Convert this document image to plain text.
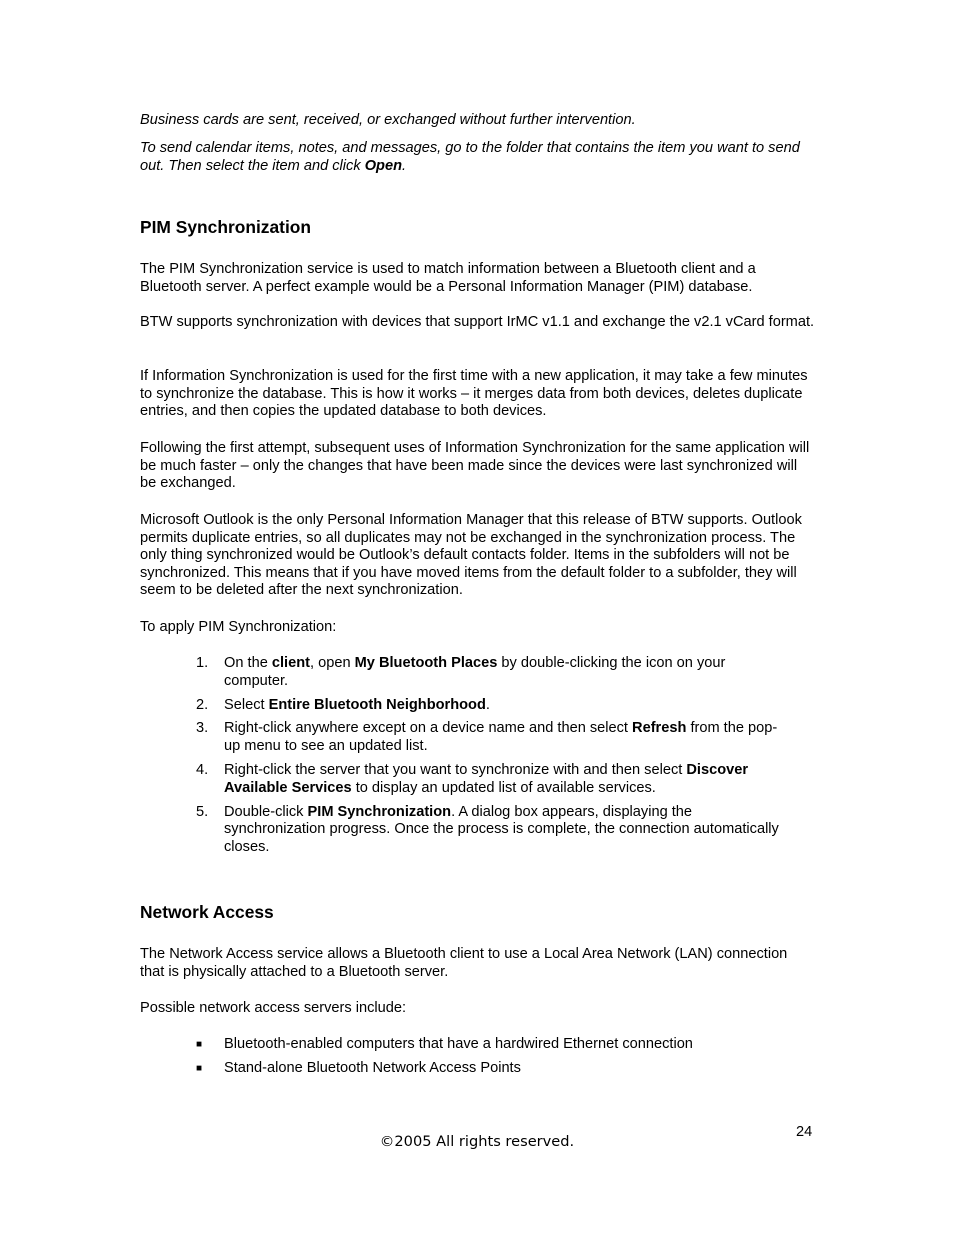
Business cards are sent, received, or exchanged without further intervention.

To send calendar items, notes, and messages, go to the folder that contains the item you want to send out. Then select the item and click Open.

PIM Synchronization

The PIM Synchronization service is used to match information between a Bluetooth client and a Bluetooth server. A perfect example would be a Personal Information Manager (PIM) database.

BTW supports synchronization with devices that support IrMC v1.1 and exchange the v2.1 vCard format.

If Information Synchronization is used for the first time with a new application, it may take a few minutes to synchronize the database. This is how it works – it merges data from both devices, deletes duplicate entries, and then copies the updated database to both devices.

Following the first attempt, subsequent uses of Information Synchronization for the same application will be much faster – only the changes that have been made since the devices were last synchronized will be exchanged.

Microsoft Outlook is the only Personal Information Manager that this release of BTW supports. Outlook permits duplicate entries, so all duplicates may not be exchanged in the synchronization process. The only thing synchronized would be Outlook’s default contacts folder. Items in the subfolders will not be synchronized. This means that if you have moved items from the default folder to a subfolder, they will seem to be deleted after the next synchronization.

To apply PIM Synchronization:

1. On the client, open My Bluetooth Places by double-clicking the icon on your computer.
2. Select Entire Bluetooth Neighborhood.
3. Right-click anywhere except on a device name and then select Refresh from the pop-up menu to see an updated list.
4. Right-click the server that you want to synchronize with and then select Discover Available Services to display an updated list of available services.
5. Double-click PIM Synchronization. A dialog box appears, displaying the synchronization progress. Once the process is complete, the connection automatically closes.
Network Access

The Network Access service allows a Bluetooth client to use a Local Area Network (LAN) connection that is physically attached to a Bluetooth server.

Possible network access servers include:

■ Bluetooth-enabled computers that have a hardwired Ethernet connection
■ Stand-alone Bluetooth Network Access Points
24
©2005 All rights reserved.
